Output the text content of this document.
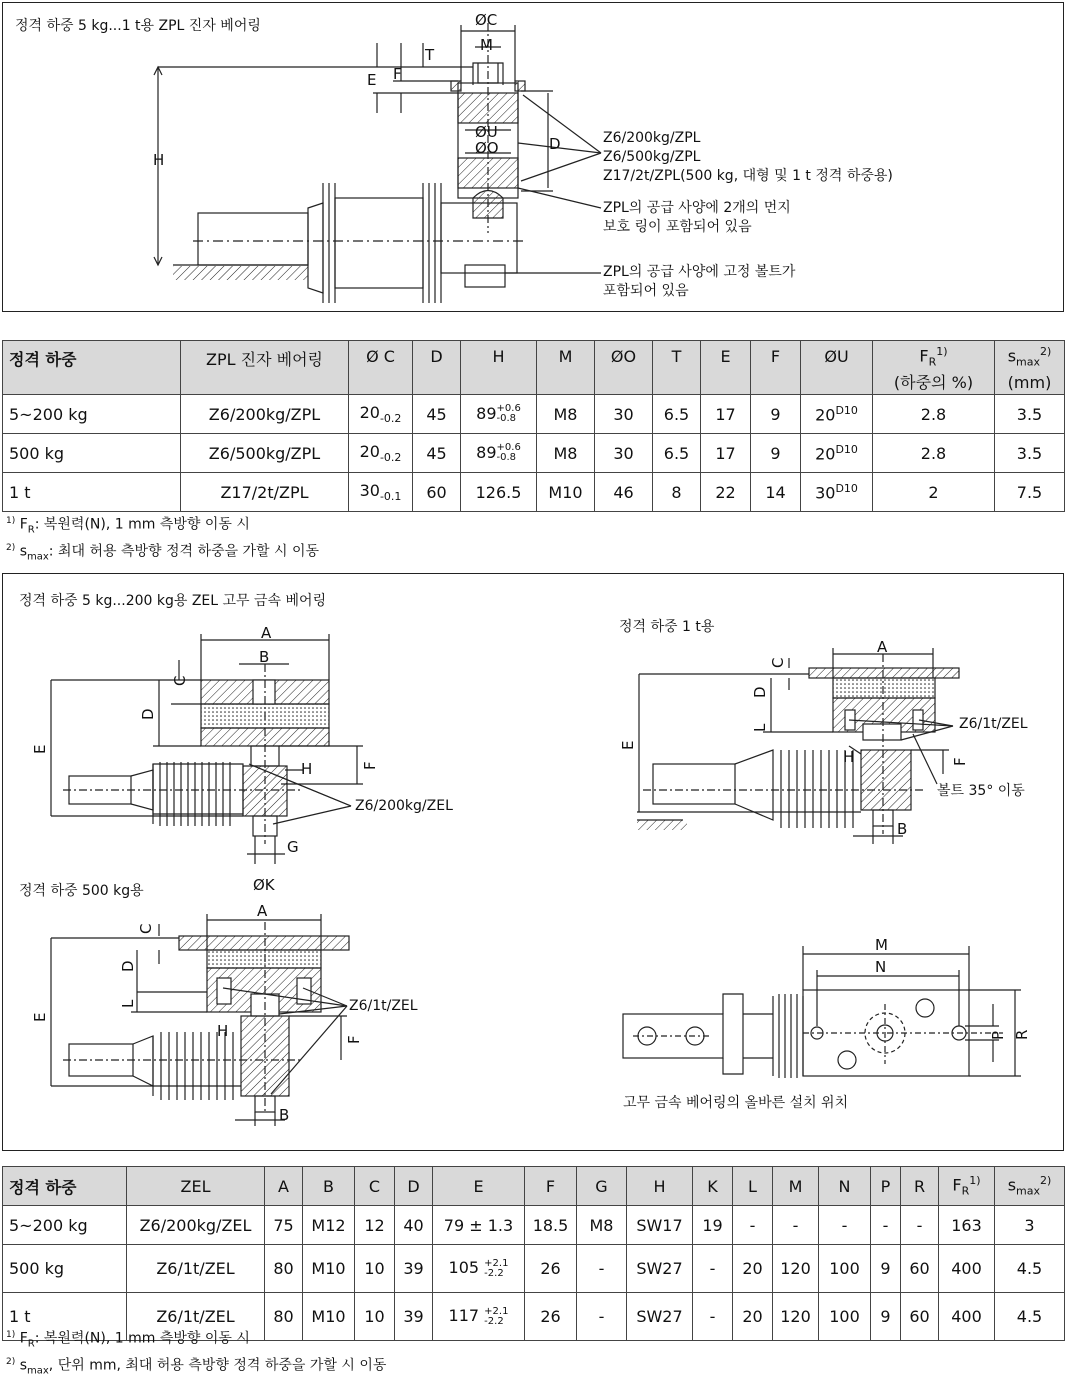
정격 하중 5 kg...1 t용 ZPL 진자 베어링	ØC
M
T
E F
H
ØU
ØO	D	Z6/200kg/ZPL
Z6/500kg/ZPL
Z17/2t/ZPL(500 kg, 대형 및 1 t 정격 하중용)
ZPL의 공급 사양에 2개의 먼지
보호 링이 포함되어 있음
ZPL의 공급 사양에 고정 볼트가
포함되어 있음
정격 하중	ZPL 진자 베어링	Ø C	D	H	M	ØO	T	E	F	ØU	$F_R^{1)}$
(하중의 %)	$s_{max}^{2)}$
(mm)
5~200 kg	Z6/200kg/ZPL	$20_{-0.2}$	45	89+0.6
-0.8	M8	30	6.5	17	9	$20^{D10}$	2.8	3.5
500 kg	Z6/500kg/ZPL	$20_{-0.2}$	45	89+0.6
-0.8	M8	30	6.5	17	9	$20^{D10}$	2.8	3.5
1 t	Z17/2t/ZPL	$30_{-0.1}$	60	126.5	M10	46	8	22	14	$30^{D10}$	2	7.5
$^{1)}$ $F_R$: 복원력(N), 1 mm 측방향 이동 시
$^{2)}$ $s_{max}$: 최대 허용 측방향 정격 하중을 가할 시 이동
정격 하중 5 kg...200 kg용 ZEL 고무 금속 베어링
정격 하중 1 t용
정격 하중 500 kg용
고무 금속 베어링의 올바른 설치 위치
Z6/200kg/ZEL
Z6/1t/ZEL
Z6/1t/ZEL
볼트 35° 이동
A
B
C
D
E
H	F
G
ØK
A
C
D
L
E
H	F
B
A
C
D
L
E
H	F
B
M
N
P R
정격 하중	ZEL	A	B	C	D	E	F	G	H	K	L	M	N	P	R	$F_R^{1)}$	$s_{max}^{2)}$
5~200 kg	Z6/200kg/ZEL	75	M12	12	40	79 ± 1.3	18.5	M8	SW17	19	-	-	-	-	-	163	3
500 kg	Z6/1t/ZEL	80	M10	10	39	105 +2.1
-2.2	26	-	SW27	-	20	120	100	9	60	400	4.5
1 t	Z6/1t/ZEL	80	M10	10	39	117 +2.1
-2.2	26	-	SW27	-	20	120	100	9	60	400	4.5
$^{1)}$ $F_R$: 복원력(N), 1 mm 측방향 이동 시
$^{2)}$ $s_{max}$, 단위 mm, 최대 허용 측방향 정격 하중을 가할 시 이동
